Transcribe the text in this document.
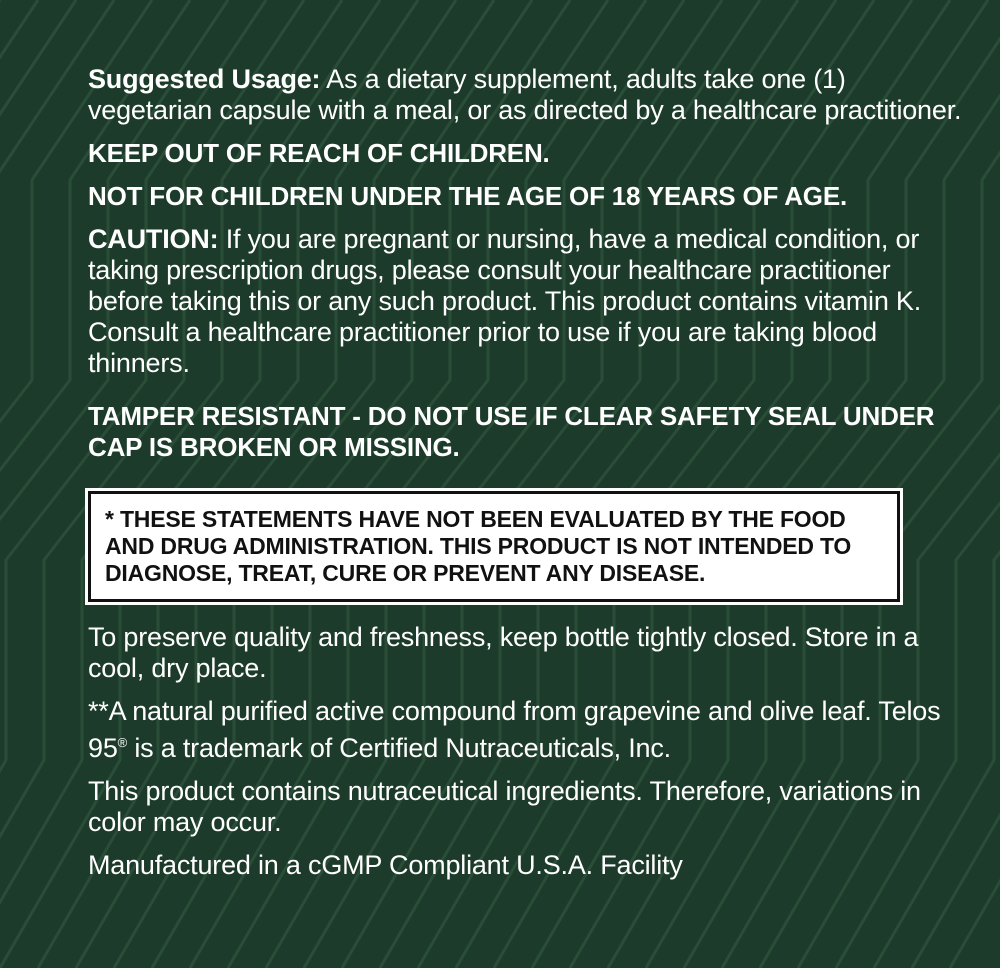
Suggested Usage: As a dietary supplement, adults take one (1) vegetarian capsule with a meal, or as directed by a healthcare practitioner.

KEEP OUT OF REACH OF CHILDREN.

NOT FOR CHILDREN UNDER THE AGE OF 18 YEARS OF AGE.

CAUTION: If you are pregnant or nursing, have a medical condition, or taking prescription drugs, please consult your healthcare practitioner before taking this or any such product. This product contains vitamin K. Consult a healthcare practitioner prior to use if you are taking blood thinners.

TAMPER RESISTANT - DO NOT USE IF CLEAR SAFETY SEAL UNDER CAP IS BROKEN OR MISSING.

* THESE STATEMENTS HAVE NOT BEEN EVALUATED BY THE FOOD AND DRUG ADMINISTRATION. THIS PRODUCT IS NOT INTENDED TO DIAGNOSE, TREAT, CURE OR PREVENT ANY DISEASE.

To preserve quality and freshness, keep bottle tightly closed. Store in a cool, dry place.

**A natural purified active compound from grapevine and olive leaf. Telos 95® is a trademark of Certified Nutraceuticals, Inc.

This product contains nutraceutical ingredients. Therefore, variations in color may occur.

Manufactured in a cGMP Compliant U.S.A. Facility
